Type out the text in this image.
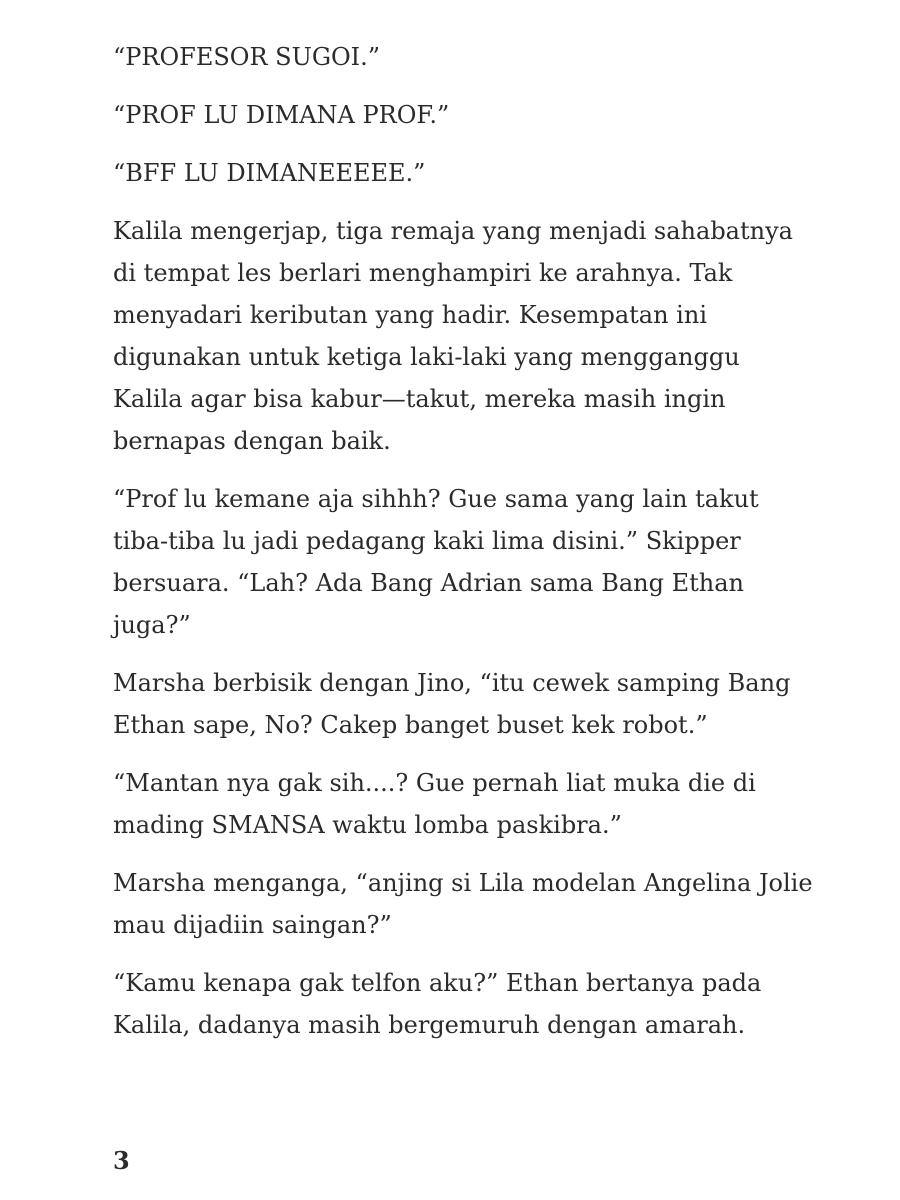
“PROFESOR SUGOI.”

“PROF LU DIMANA PROF.”

“BFF LU DIMANEEEEE.”

Kalila mengerjap, tiga remaja yang menjadi sahabatnya
di tempat les berlari menghampiri ke arahnya. Tak
menyadari keributan yang hadir. Kesempatan ini
digunakan untuk ketiga laki-laki yang mengganggu
Kalila agar bisa kabur—takut, mereka masih ingin
bernapas dengan baik.

“Prof lu kemane aja sihhh? Gue sama yang lain takut
tiba-tiba lu jadi pedagang kaki lima disini.” Skipper
bersuara. “Lah? Ada Bang Adrian sama Bang Ethan
juga?”

Marsha berbisik dengan Jino, “itu cewek samping Bang
Ethan sape, No? Cakep banget buset kek robot.”

“Mantan nya gak sih....? Gue pernah liat muka die di
mading SMANSA waktu lomba paskibra.”

Marsha menganga, “anjing si Lila modelan Angelina Jolie
mau dijadiin saingan?”

“Kamu kenapa gak telfon aku?” Ethan bertanya pada
Kalila, dadanya masih bergemuruh dengan amarah.

3
